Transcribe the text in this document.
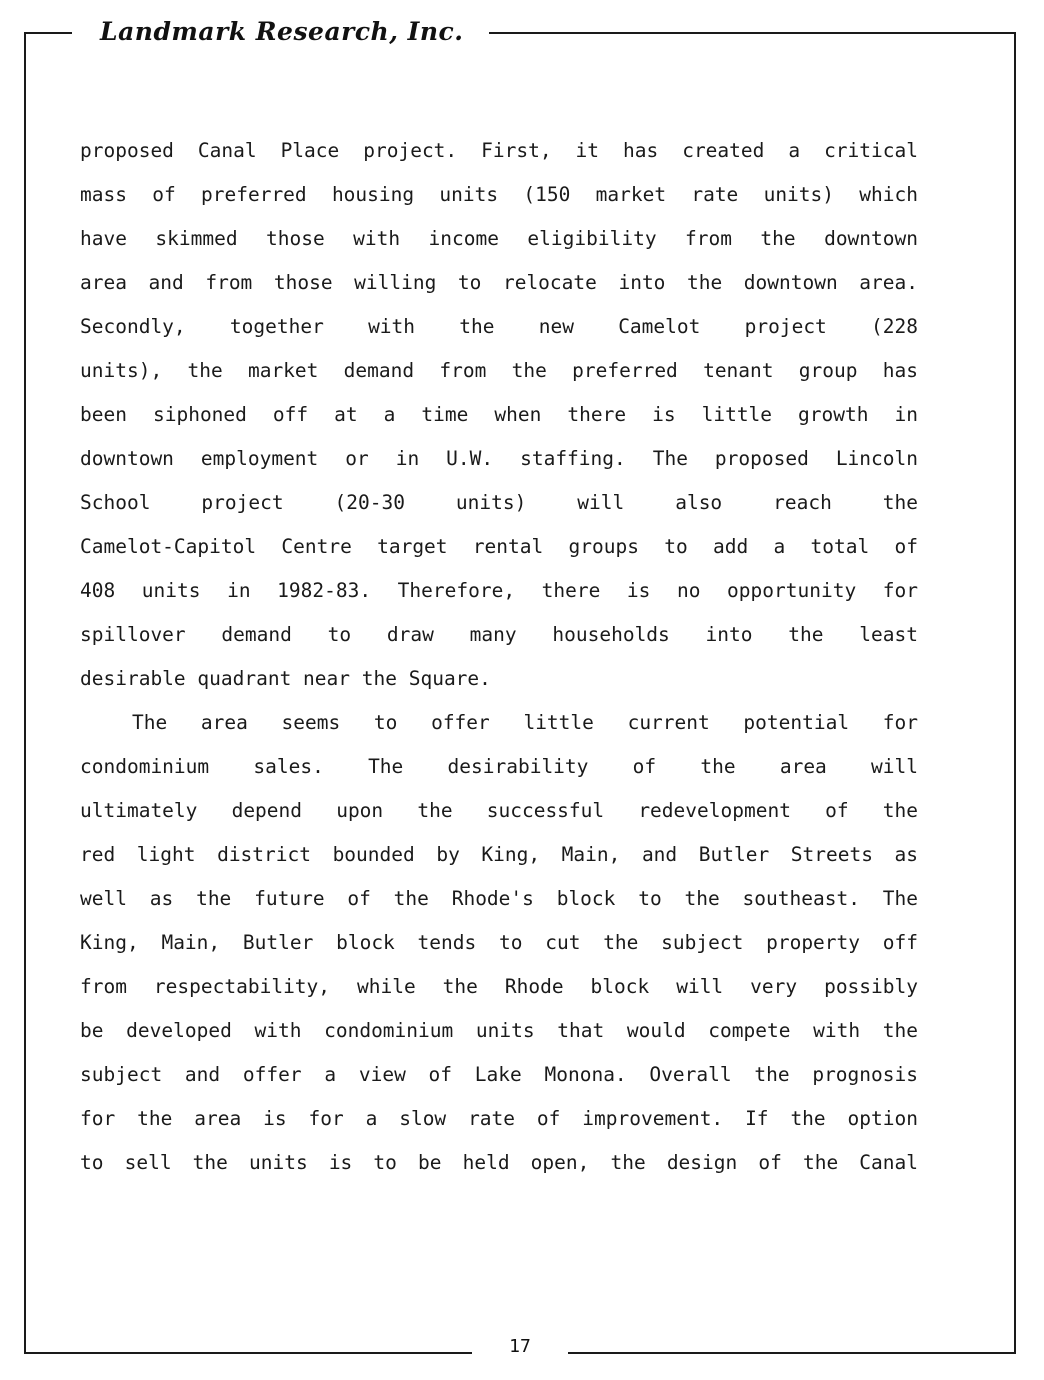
Landmark Research, Inc.
proposed Canal Place project. First, it has created a critical
mass of preferred housing units (150 market rate units) which
have skimmed those with income eligibility from the downtown
area and from those willing to relocate into the downtown area.
Secondly, together with the new Camelot project (228
units), the market demand from the preferred tenant group has
been siphoned off at a time when there is little growth in
downtown employment or in U.W. staffing. The proposed Lincoln
School project (20-30 units) will also reach the
Camelot-Capitol Centre target rental groups to add a total of
408 units in 1982-83. Therefore, there is no opportunity for
spillover demand to draw many households into the least
desirable quadrant near the Square.
The area seems to offer little current potential for
condominium sales. The desirability of the area will
ultimately depend upon the successful redevelopment of the
red light district bounded by King, Main, and Butler Streets as
well as the future of the Rhode's block to the southeast. The
King, Main, Butler block tends to cut the subject property off
from respectability, while the Rhode block will very possibly
be developed with condominium units that would compete with the
subject and offer a view of Lake Monona. Overall the prognosis
for the area is for a slow rate of improvement. If the option
to sell the units is to be held open, the design of the Canal
17
